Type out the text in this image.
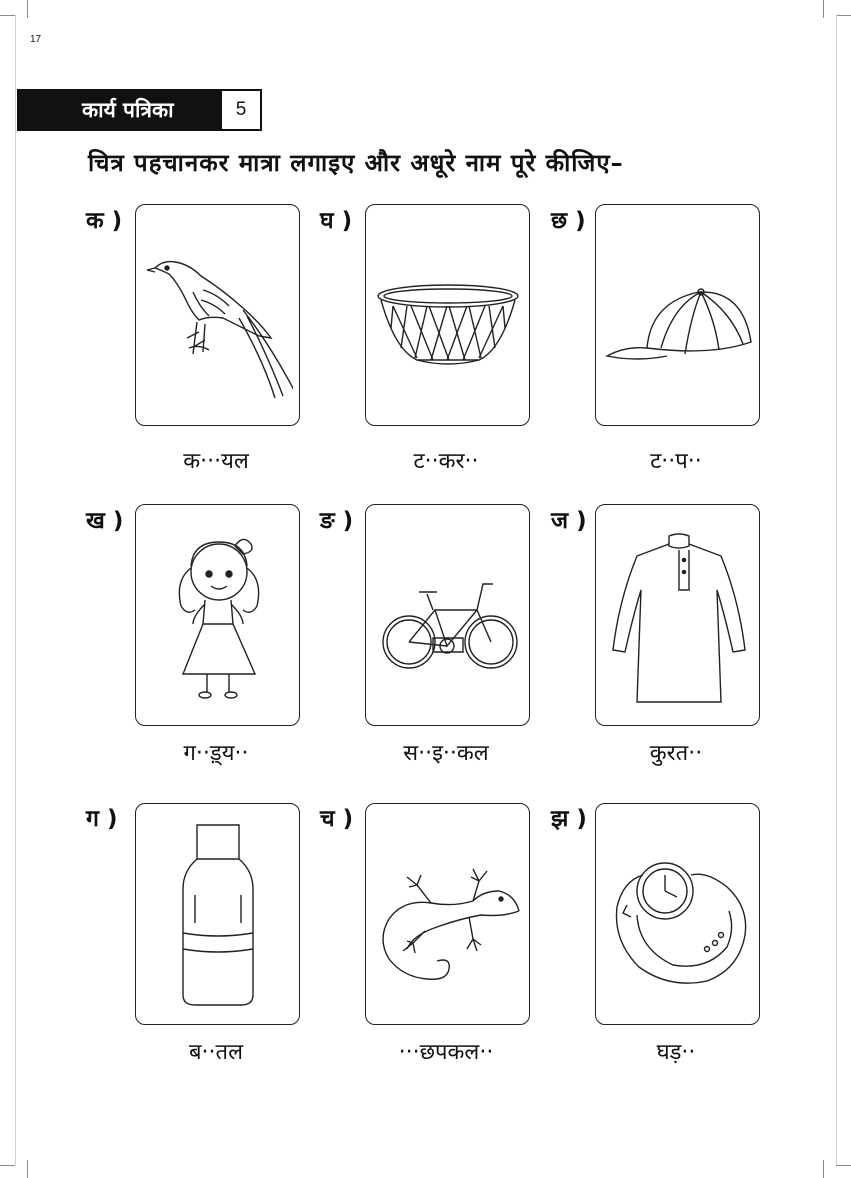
17
कार्य पत्रिका	5
चित्र पहचानकर मात्रा लगाइए और अधूरे नाम पूरे कीजिए–
क )
क···यल
घ )
ट··कर··
छ )
ट··प··
ख )
ग··ड़्य··
ङ )
स··इ··कल
ज )
कुरत··
ग )
ब··तल
च )
···छपकल··
झ )
घड़··
